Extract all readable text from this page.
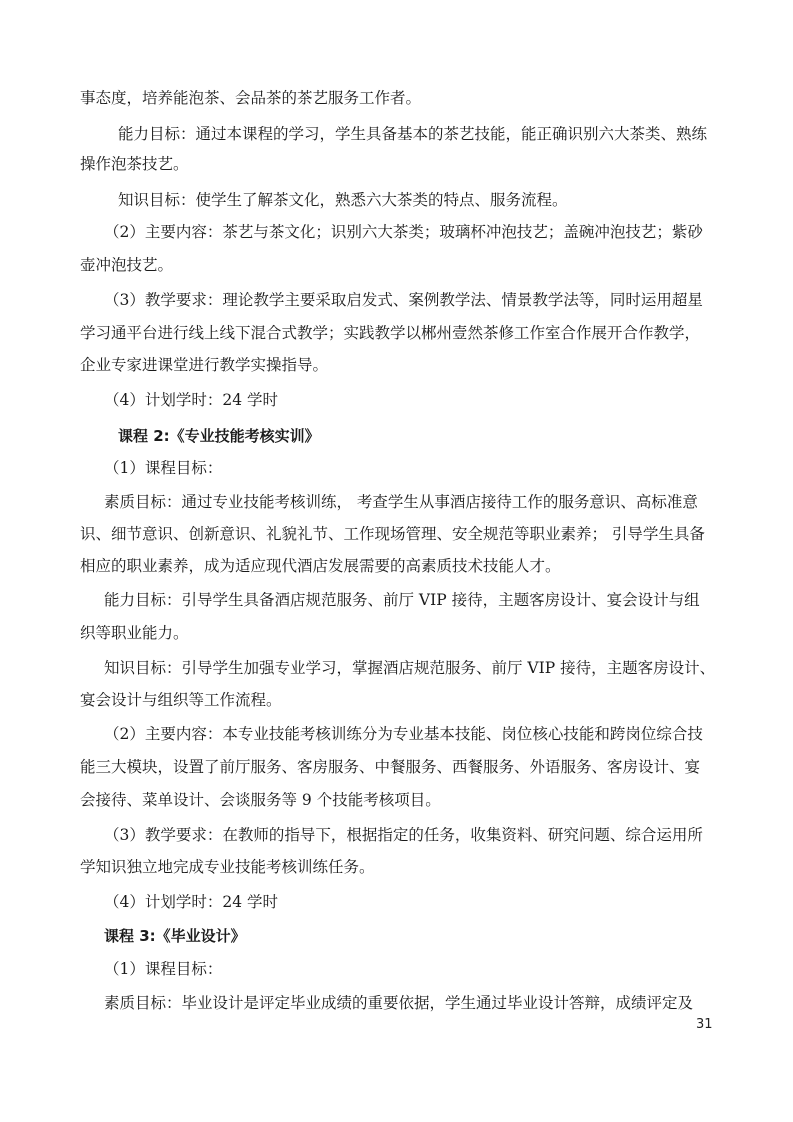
事态度，培养能泡茶、会品茶的茶艺服务工作者。
能力目标：通过本课程的学习，学生具备基本的茶艺技能，能正确识别六大茶类、熟练
操作泡茶技艺。
知识目标：使学生了解茶文化，熟悉六大茶类的特点、服务流程。
（2）主要内容：茶艺与茶文化；识别六大茶类；玻璃杯冲泡技艺；盖碗冲泡技艺；紫砂
壶冲泡技艺。
（3）教学要求：理论教学主要采取启发式、案例教学法、情景教学法等，同时运用超星
学习通平台进行线上线下混合式教学；实践教学以郴州壹然茶修工作室合作展开合作教学，
企业专家进课堂进行教学实操指导。
（4）计划学时：24 学时
课程 2:《专业技能考核实训》
（1）课程目标：
素质目标：通过专业技能考核训练， 考查学生从事酒店接待工作的服务意识、高标准意
识、细节意识、创新意识、礼貌礼节、工作现场管理、安全规范等职业素养； 引导学生具备
相应的职业素养，成为适应现代酒店发展需要的高素质技术技能人才。
能力目标：引导学生具备酒店规范服务、前厅 VIP 接待，主题客房设计、宴会设计与组
织等职业能力。
知识目标：引导学生加强专业学习，掌握酒店规范服务、前厅 VIP 接待，主题客房设计、
宴会设计与组织等工作流程。
（2）主要内容：本专业技能考核训练分为专业基本技能、岗位核心技能和跨岗位综合技
能三大模块，设置了前厅服务、客房服务、中餐服务、西餐服务、外语服务、客房设计、宴
会接待、菜单设计、会谈服务等 9 个技能考核项目。
（3）教学要求：在教师的指导下，根据指定的任务，收集资料、研究问题、综合运用所
学知识独立地完成专业技能考核训练任务。
（4）计划学时：24 学时
课程 3:《毕业设计》
（1）课程目标：
素质目标：毕业设计是评定毕业成绩的重要依据，学生通过毕业设计答辩，成绩评定及
31
